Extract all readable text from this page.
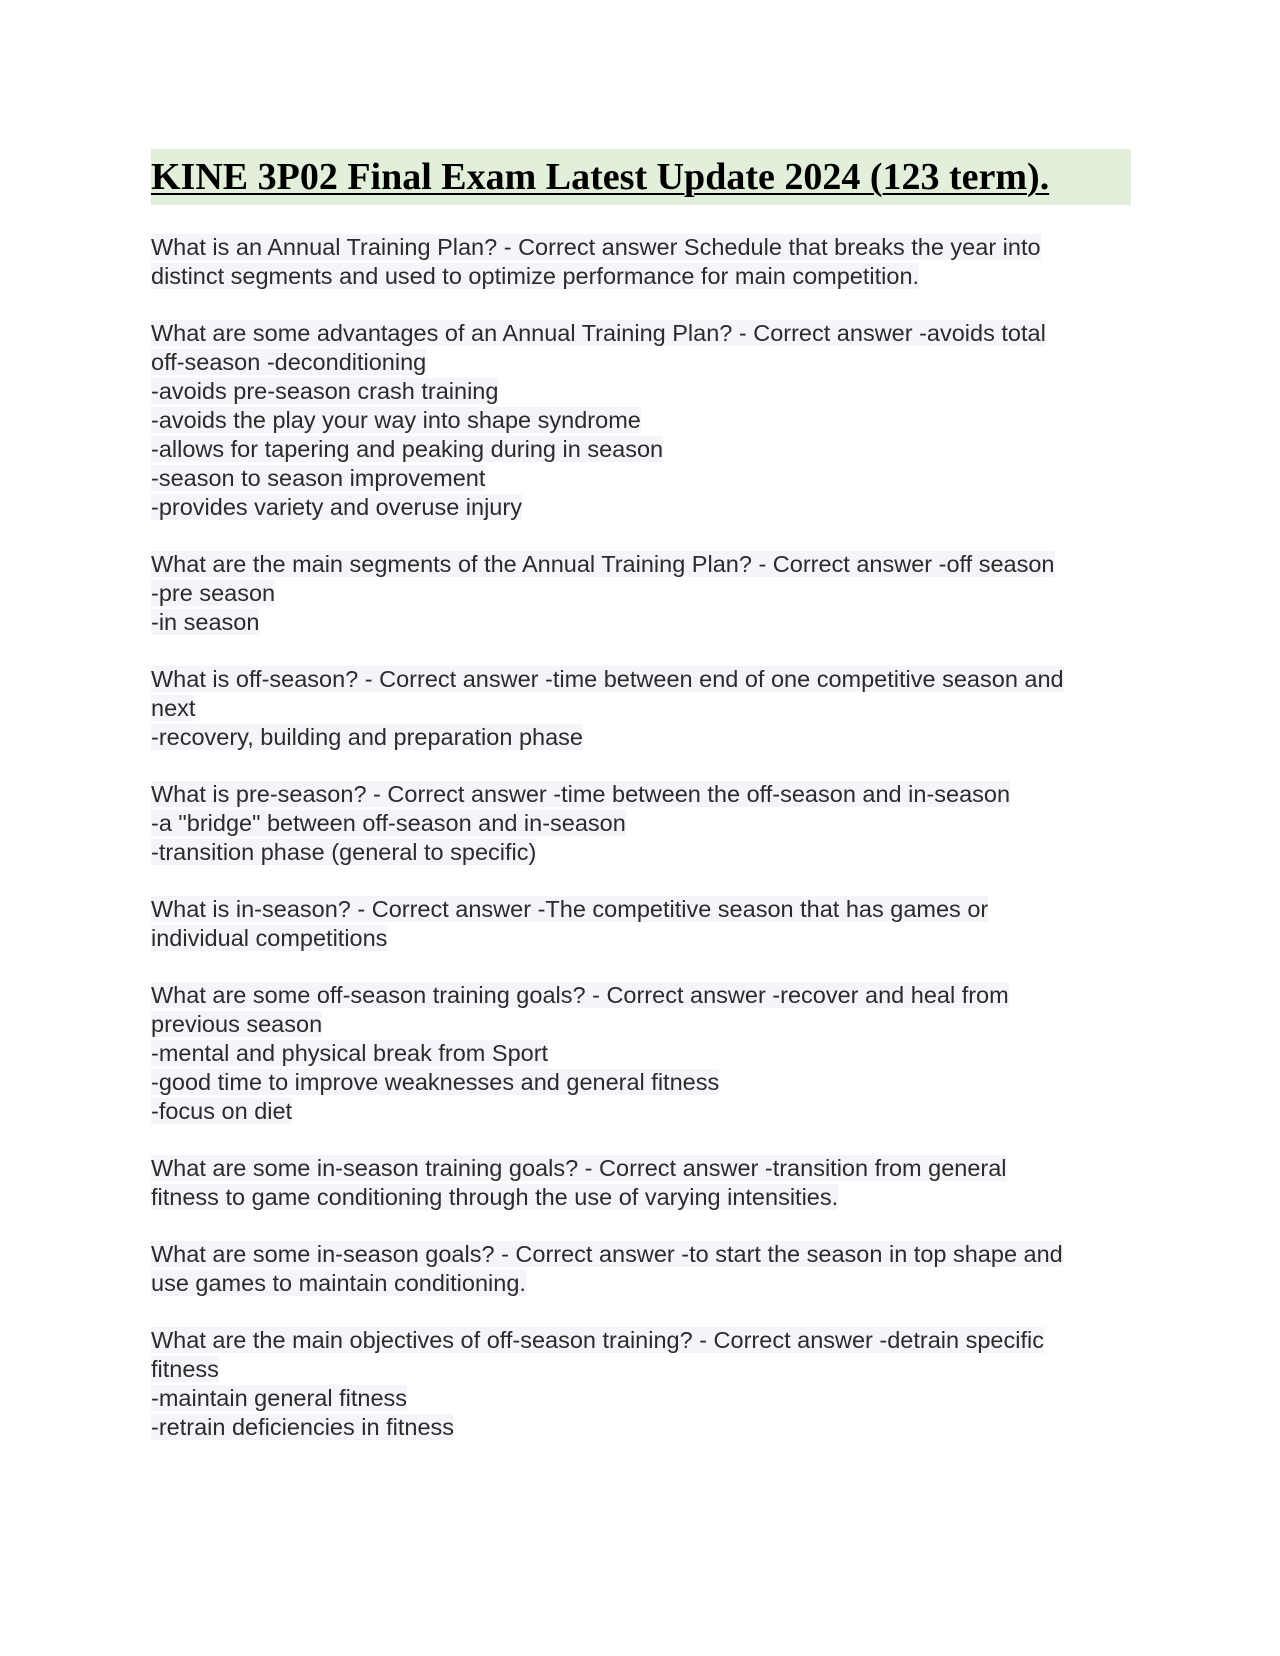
KINE 3P02 Final Exam Latest Update 2024 (123 term).

What is an Annual Training Plan? - Correct answer Schedule that breaks the year into
distinct segments and used to optimize performance for main competition.

What are some advantages of an Annual Training Plan? - Correct answer -avoids total
off-season -deconditioning
-avoids pre-season crash training
-avoids the play your way into shape syndrome
-allows for tapering and peaking during in season
-season to season improvement
-provides variety and overuse injury

What are the main segments of the Annual Training Plan? - Correct answer -off season
-pre season
-in season

What is off-season? - Correct answer -time between end of one competitive season and
next
-recovery, building and preparation phase

What is pre-season? - Correct answer -time between the off-season and in-season
-a "bridge" between off-season and in-season
-transition phase (general to specific)

What is in-season? - Correct answer -The competitive season that has games or
individual competitions

What are some off-season training goals? - Correct answer -recover and heal from
previous season
-mental and physical break from Sport
-good time to improve weaknesses and general fitness
-focus on diet

What are some in-season training goals? - Correct answer -transition from general
fitness to game conditioning through the use of varying intensities.

What are some in-season goals? - Correct answer -to start the season in top shape and
use games to maintain conditioning.

What are the main objectives of off-season training? - Correct answer -detrain specific
fitness
-maintain general fitness
-retrain deficiencies in fitness
